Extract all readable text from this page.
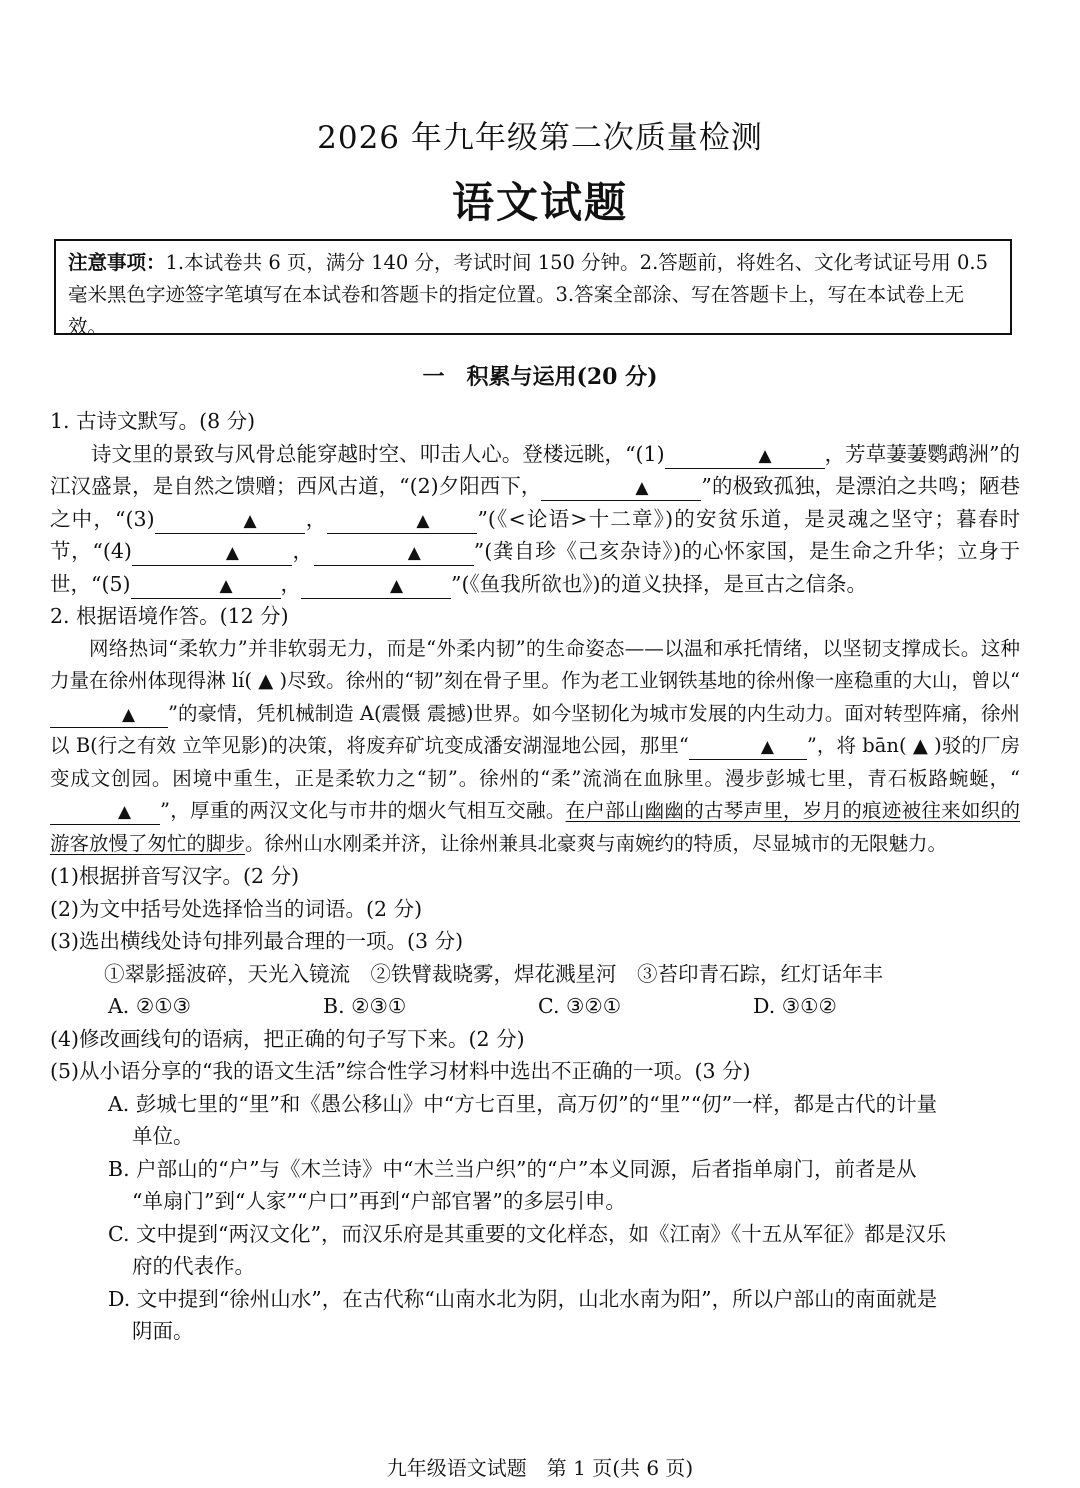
2026 年九年级第二次质量检测
语文试题
注意事项：1.本试卷共 6 页，满分 140 分，考试时间 150 分钟。2.答题前，将姓名、文化考试证号用 0.5 毫米黑色字迹签字笔填写在本试卷和答题卡的指定位置。3.答案全部涂、写在答题卡上，写在本试卷上无效。
一　积累与运用(20 分)

1. 古诗文默写。(8 分)

诗文里的景致与风骨总能穿越时空、叩击人心。登楼远眺，“(1)	▲	，芳草萋萋鹦鹉洲”的江汉盛景，是自然之馈赠；西风古道，“(2)夕阳西下，	▲	”的极致孤独，是漂泊之共鸣；陋巷之中，“(3)	▲ ，	▲ ”(《<论语>十二章》)的安贫乐道，是灵魂之坚守；暮春时节，“(4)	▲	，	▲	”(龚自珍《己亥杂诗》)的心怀家国，是生命之升华；立身于世，“(5)	▲ ，	▲ ”(《鱼我所欲也》)的道义抉择，是亘古之信条。

2. 根据语境作答。(12 分)

网络热词“柔软力”并非软弱无力，而是“外柔内韧”的生命姿态——以温和承托情绪，以坚韧支撑成长。这种力量在徐州体现得淋 lí( ▲ )尽致。徐州的“韧”刻在骨子里。作为老工业钢铁基地的徐州像一座稳重的大山，曾以“▲ ”的豪情，凭机械制造 A(震慑 震撼)世界。如今坚韧化为城市发展的内生动力。面对转型阵痛，徐州以 B(行之有效 立竿见影)的决策，将废弃矿坑变成潘安湖湿地公园，那里“	▲ ”，将 bān( ▲ )驳的厂房变成文创园。困境中重生，正是柔软力之“韧”。徐州的“柔”流淌在血脉里。漫步彭城七里，青石板路蜿蜒，“▲ ”，厚重的两汉文化与市井的烟火气相互交融。在户部山幽幽的古琴声里，岁月的痕迹被往来如织的游客放慢了匆忙的脚步。徐州山水刚柔并济，让徐州兼具北豪爽与南婉约的特质，尽显城市的无限魅力。

(1)根据拼音写汉字。(2 分)

(2)为文中括号处选择恰当的词语。(2 分)

(3)选出横线处诗句排列最合理的一项。(3 分)

①翠影摇波碎，天光入镜流　②铁臂裁晓雾，焊花溅星河　③苔印青石踪，红灯话年丰

A. ②①③	B. ②③①	C. ③②①	D. ③①②

(4)修改画线句的语病，把正确的句子写下来。(2 分)

(5)从小语分享的“我的语文生活”综合性学习材料中选出不正确的一项。(3 分)

A. 彭城七里的“里”和《愚公移山》中“方七百里，高万仞”的“里”“仞”一样，都是古代的计量

单位。

B. 户部山的“户”与《木兰诗》中“木兰当户织”的“户”本义同源，后者指单扇门，前者是从

“单扇门”到“人家”“户口”再到“户部官署”的多层引申。

C. 文中提到“两汉文化”，而汉乐府是其重要的文化样态，如《江南》《十五从军征》都是汉乐

府的代表作。

D. 文中提到“徐州山水”，在古代称“山南水北为阴，山北水南为阳”，所以户部山的南面就是

阴面。

九年级语文试题　第 1 页(共 6 页)
